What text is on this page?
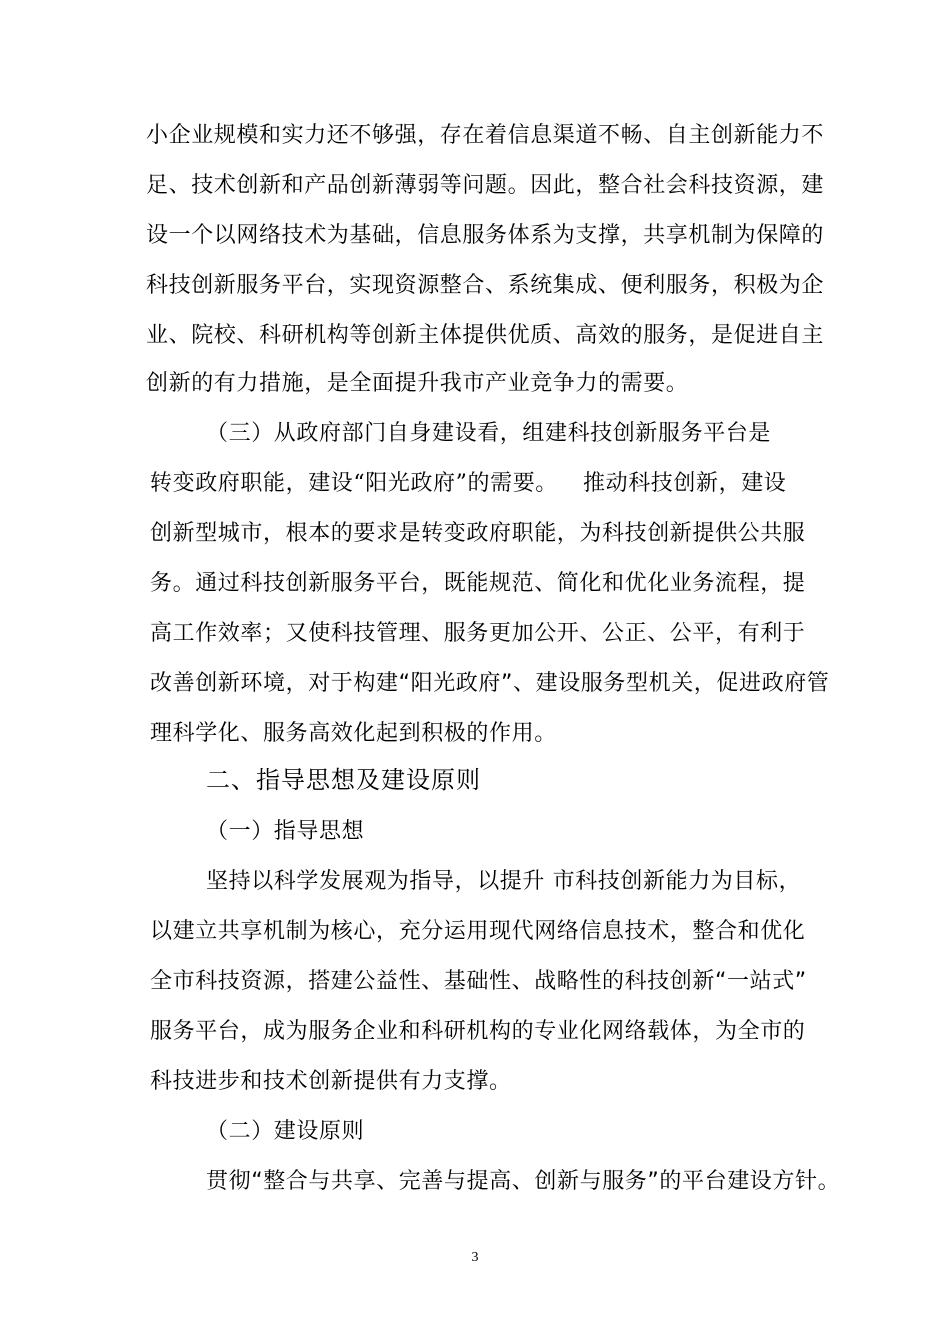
小企业规模和实力还不够强，存在着信息渠道不畅、自主创新能力不
足、技术创新和产品创新薄弱等问题。因此，整合社会科技资源，建
设一个以网络技术为基础，信息服务体系为支撑，共享机制为保障的
科技创新服务平台，实现资源整合、系统集成、便利服务，积极为企
业、院校、科研机构等创新主体提供优质、高效的服务，是促进自主
创新的有力措施，是全面提升我市产业竞争力的需要。
（三）从政府部门自身建设看，组建科技创新服务平台是
转变政府职能，建设“阳光政府”的需要。 推动科技创新，建设
创新型城市，根本的要求是转变政府职能，为科技创新提供公共服
务。通过科技创新服务平台，既能规范、简化和优化业务流程，提
高工作效率；又使科技管理、服务更加公开、公正、公平，有利于
改善创新环境，对于构建“阳光政府”、建设服务型机关，促进政府管
理科学化、服务高效化起到积极的作用。
二、指导思想及建设原则
（一）指导思想
坚持以科学发展观为指导，以提升 市科技创新能力为目标，
以建立共享机制为核心，充分运用现代网络信息技术，整合和优化
全市科技资源，搭建公益性、基础性、战略性的科技创新“一站式”
服务平台，成为服务企业和科研机构的专业化网络载体，为全市的
科技进步和技术创新提供有力支撑。
（二）建设原则
贯彻“整合与共享、完善与提高、创新与服务”的平台建设方针。
3
